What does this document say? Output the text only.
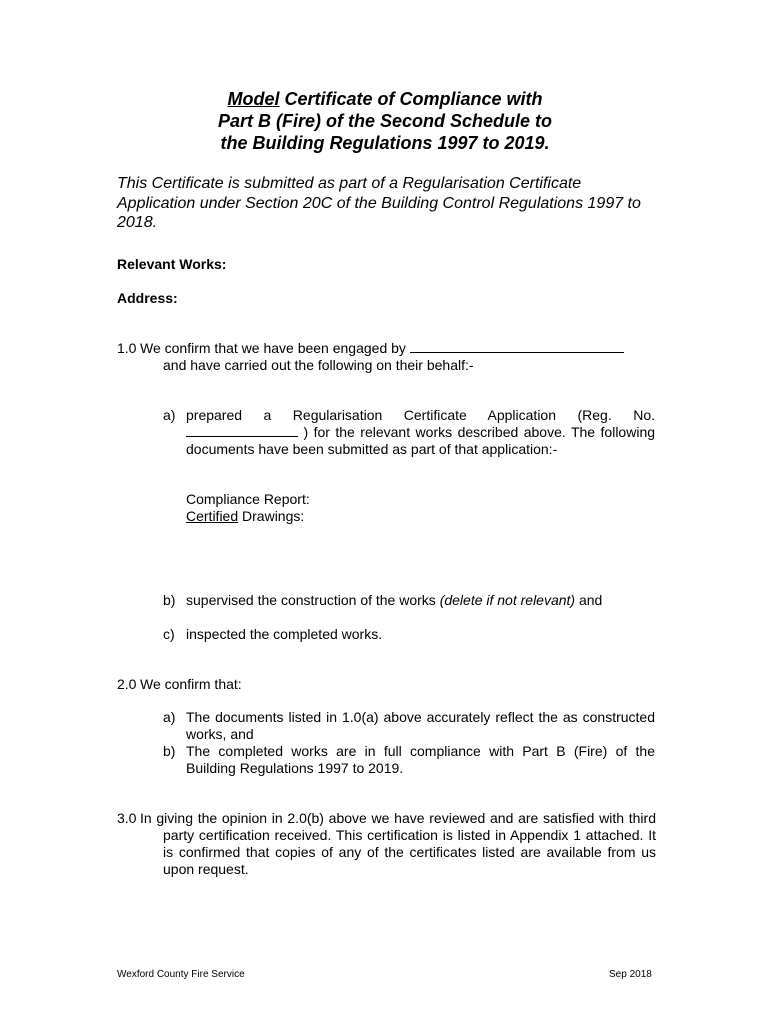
Model Certificate of Compliance with
Part B (Fire) of the Second Schedule to
the Building Regulations 1997 to 2019.
This Certificate is submitted as part of a Regularisation Certificate Application under Section 20C of the Building Control Regulations 1997 to 2018.
Relevant Works:
Address:
1.0 We confirm that we have been engaged by
and have carried out the following on their behalf:-
a) prepared a Regularisation Certificate Application (Reg. No.  ) for the relevant works described above. The following documents have been submitted as part of that application:-
Compliance Report:
Certified Drawings:
b) supervised the construction of the works (delete if not relevant) and
c) inspected the completed works.
2.0 We confirm that:
a) The documents listed in 1.0(a) above accurately reflect the as constructed works, and
b) The completed works are in full compliance with Part B (Fire) of the Building Regulations 1997 to 2019.
3.0 In giving the opinion in 2.0(b) above we have reviewed and are satisfied with third party certification received. This certification is listed in Appendix 1 attached. It is confirmed that copies of any of the certificates listed are available from us upon request.
Wexford County Fire Service	Sep 2018
